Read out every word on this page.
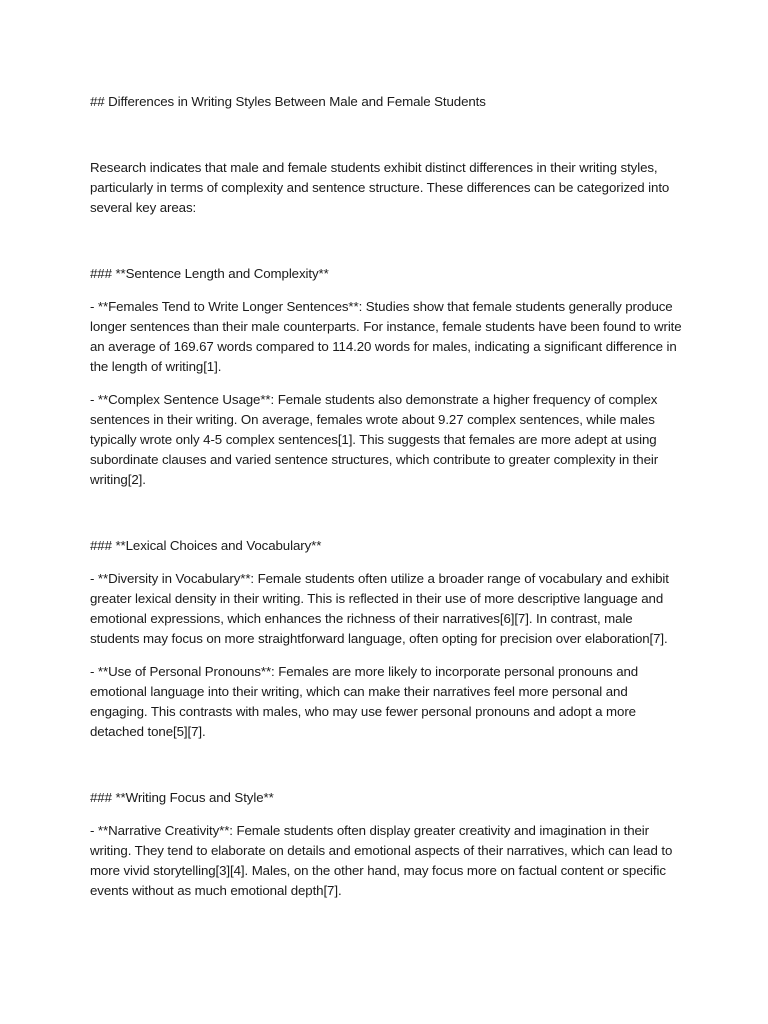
## Differences in Writing Styles Between Male and Female Students

Research indicates that male and female students exhibit distinct differences in their writing styles, particularly in terms of complexity and sentence structure. These differences can be categorized into several key areas:

### **Sentence Length and Complexity**

- **Females Tend to Write Longer Sentences**: Studies show that female students generally produce longer sentences than their male counterparts. For instance, female students have been found to write an average of 169.67 words compared to 114.20 words for males, indicating a significant difference in the length of writing[1].

- **Complex Sentence Usage**: Female students also demonstrate a higher frequency of complex sentences in their writing. On average, females wrote about 9.27 complex sentences, while males typically wrote only 4-5 complex sentences[1]. This suggests that females are more adept at using subordinate clauses and varied sentence structures, which contribute to greater complexity in their writing[2].

### **Lexical Choices and Vocabulary**

- **Diversity in Vocabulary**: Female students often utilize a broader range of vocabulary and exhibit greater lexical density in their writing. This is reflected in their use of more descriptive language and emotional expressions, which enhances the richness of their narratives[6][7]. In contrast, male students may focus on more straightforward language, often opting for precision over elaboration[7].

- **Use of Personal Pronouns**: Females are more likely to incorporate personal pronouns and emotional language into their writing, which can make their narratives feel more personal and engaging. This contrasts with males, who may use fewer personal pronouns and adopt a more detached tone[5][7].

### **Writing Focus and Style**

- **Narrative Creativity**: Female students often display greater creativity and imagination in their writing. They tend to elaborate on details and emotional aspects of their narratives, which can lead to more vivid storytelling[3][4]. Males, on the other hand, may focus more on factual content or specific events without as much emotional depth[7].
